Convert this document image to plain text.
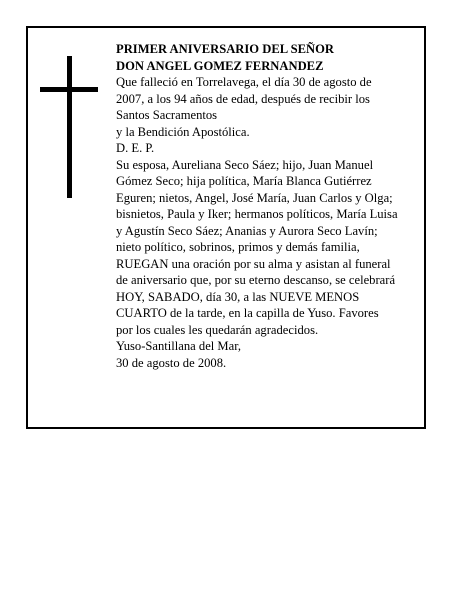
PRIMER ANIVERSARIO DEL SEÑOR
DON ANGEL GOMEZ FERNANDEZ
Que falleció en Torrelavega, el día 30 de agosto de
2007, a los 94 años de edad, después de recibir los
Santos Sacramentos
y la Bendición Apostólica.
D. E. P.
Su esposa, Aureliana Seco Sáez; hijo, Juan Manuel
Gómez Seco; hija política, María Blanca Gutiérrez
Eguren; nietos, Angel, José María, Juan Carlos y Olga;
bisnietos, Paula y Iker; hermanos políticos, María Luisa
y Agustín Seco Sáez; Ananias y Aurora Seco Lavín;
nieto político, sobrinos, primos y demás familia,
RUEGAN una oración por su alma y asistan al funeral
de aniversario que, por su eterno descanso, se celebrará
HOY, SABADO, día 30, a las NUEVE MENOS
CUARTO de la tarde, en la capilla de Yuso. Favores
por los cuales les quedarán agradecidos.
Yuso-Santillana del Mar,
30 de agosto de 2008.
